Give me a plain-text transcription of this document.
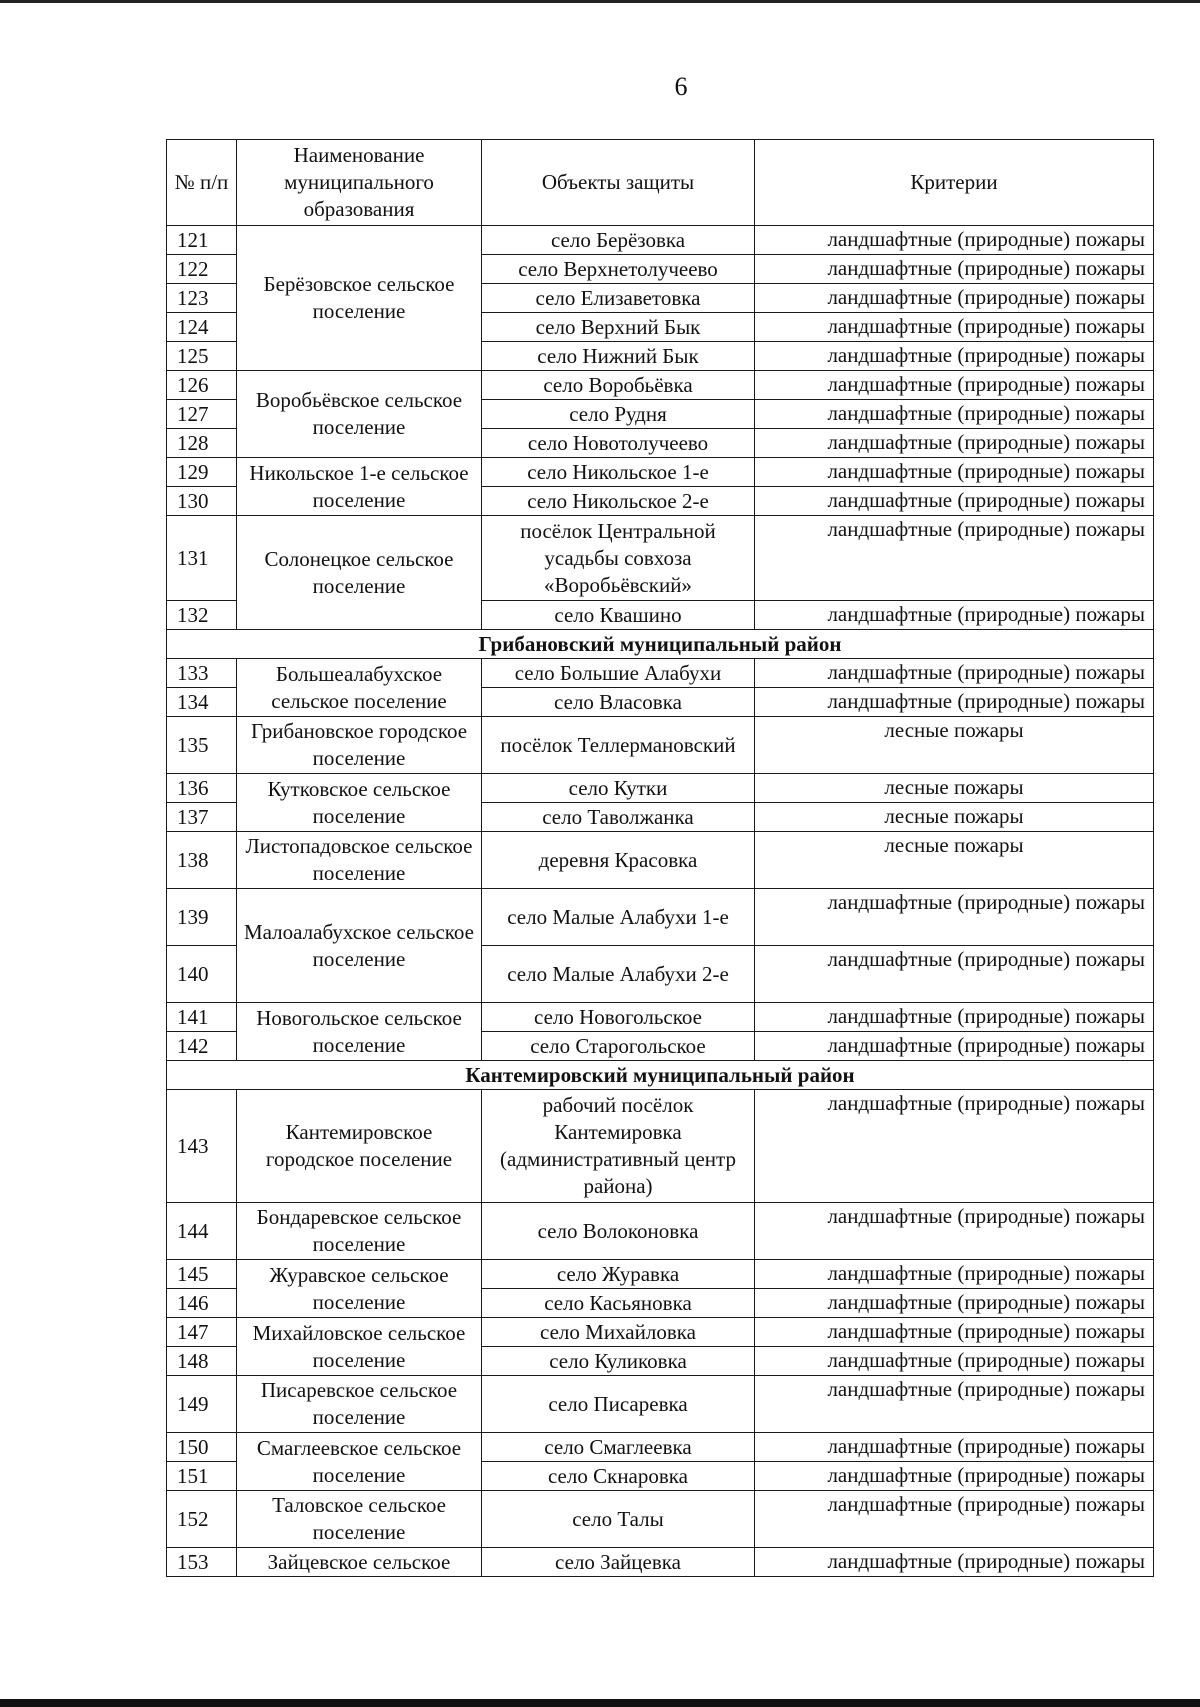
6
№ п/п	Наименование муниципального образования	Объекты защиты	Критерии
121	Берёзовское сельское поселение	село Берёзовка	ландшафтные (природные) пожары
122		село Верхнетолучеево	ландшафтные (природные) пожары
123		село Елизаветовка	ландшафтные (природные) пожары
124		село Верхний Бык	ландшафтные (природные) пожары
125		село Нижний Бык	ландшафтные (природные) пожары
126	Воробьёвское сельское поселение	село Воробьёвка	ландшафтные (природные) пожары
127		село Рудня	ландшафтные (природные) пожары
128		село Новотолучеево	ландшафтные (природные) пожары
129	Никольское 1-е сельское поселение	село Никольское 1-е	ландшафтные (природные) пожары
130		село Никольское 2-е	ландшафтные (природные) пожары
131	Солонецкое сельское поселение	посёлок Центральной усадьбы совхоза «Воробьёвский»	ландшафтные (природные) пожары
132		село Квашино	ландшафтные (природные) пожары
Грибановский муниципальный район			
133	Большеалабухское сельское поселение	село Большие Алабухи	ландшафтные (природные) пожары
134		село Власовка	ландшафтные (природные) пожары
135	Грибановское городское поселение	посёлок Теллермановский	лесные пожары
136	Кутковское сельское поселение	село Кутки	лесные пожары
137		село Таволжанка	лесные пожары
138	Листопадовское сельское поселение	деревня Красовка	лесные пожары
139	Малоалабухское сельское поселение	село Малые Алабухи 1-е	ландшафтные (природные) пожары
140		село Малые Алабухи 2-е	ландшафтные (природные) пожары
141	Новогольское сельское поселение	село Новогольское	ландшафтные (природные) пожары
142		село Старогольское	ландшафтные (природные) пожары
Кантемировский муниципальный район			
143	Кантемировское городское поселение	рабочий посёлок Кантемировка (административный центр района)	ландшафтные (природные) пожары
144	Бондаревское сельское поселение	село Волоконовка	ландшафтные (природные) пожары
145	Журавское сельское поселение	село Журавка	ландшафтные (природные) пожары
146		село Касьяновка	ландшафтные (природные) пожары
147	Михайловское сельское поселение	село Михайловка	ландшафтные (природные) пожары
148		село Куликовка	ландшафтные (природные) пожары
149	Писаревское сельское поселение	село Писаревка	ландшафтные (природные) пожары
150	Смаглеевское сельское поселение	село Смаглеевка	ландшафтные (природные) пожары
151		село Скнаровка	ландшафтные (природные) пожары
152	Таловское сельское поселение	село Талы	ландшафтные (природные) пожары
153	Зайцевское сельское	село Зайцевка	ландшафтные (природные) пожары
